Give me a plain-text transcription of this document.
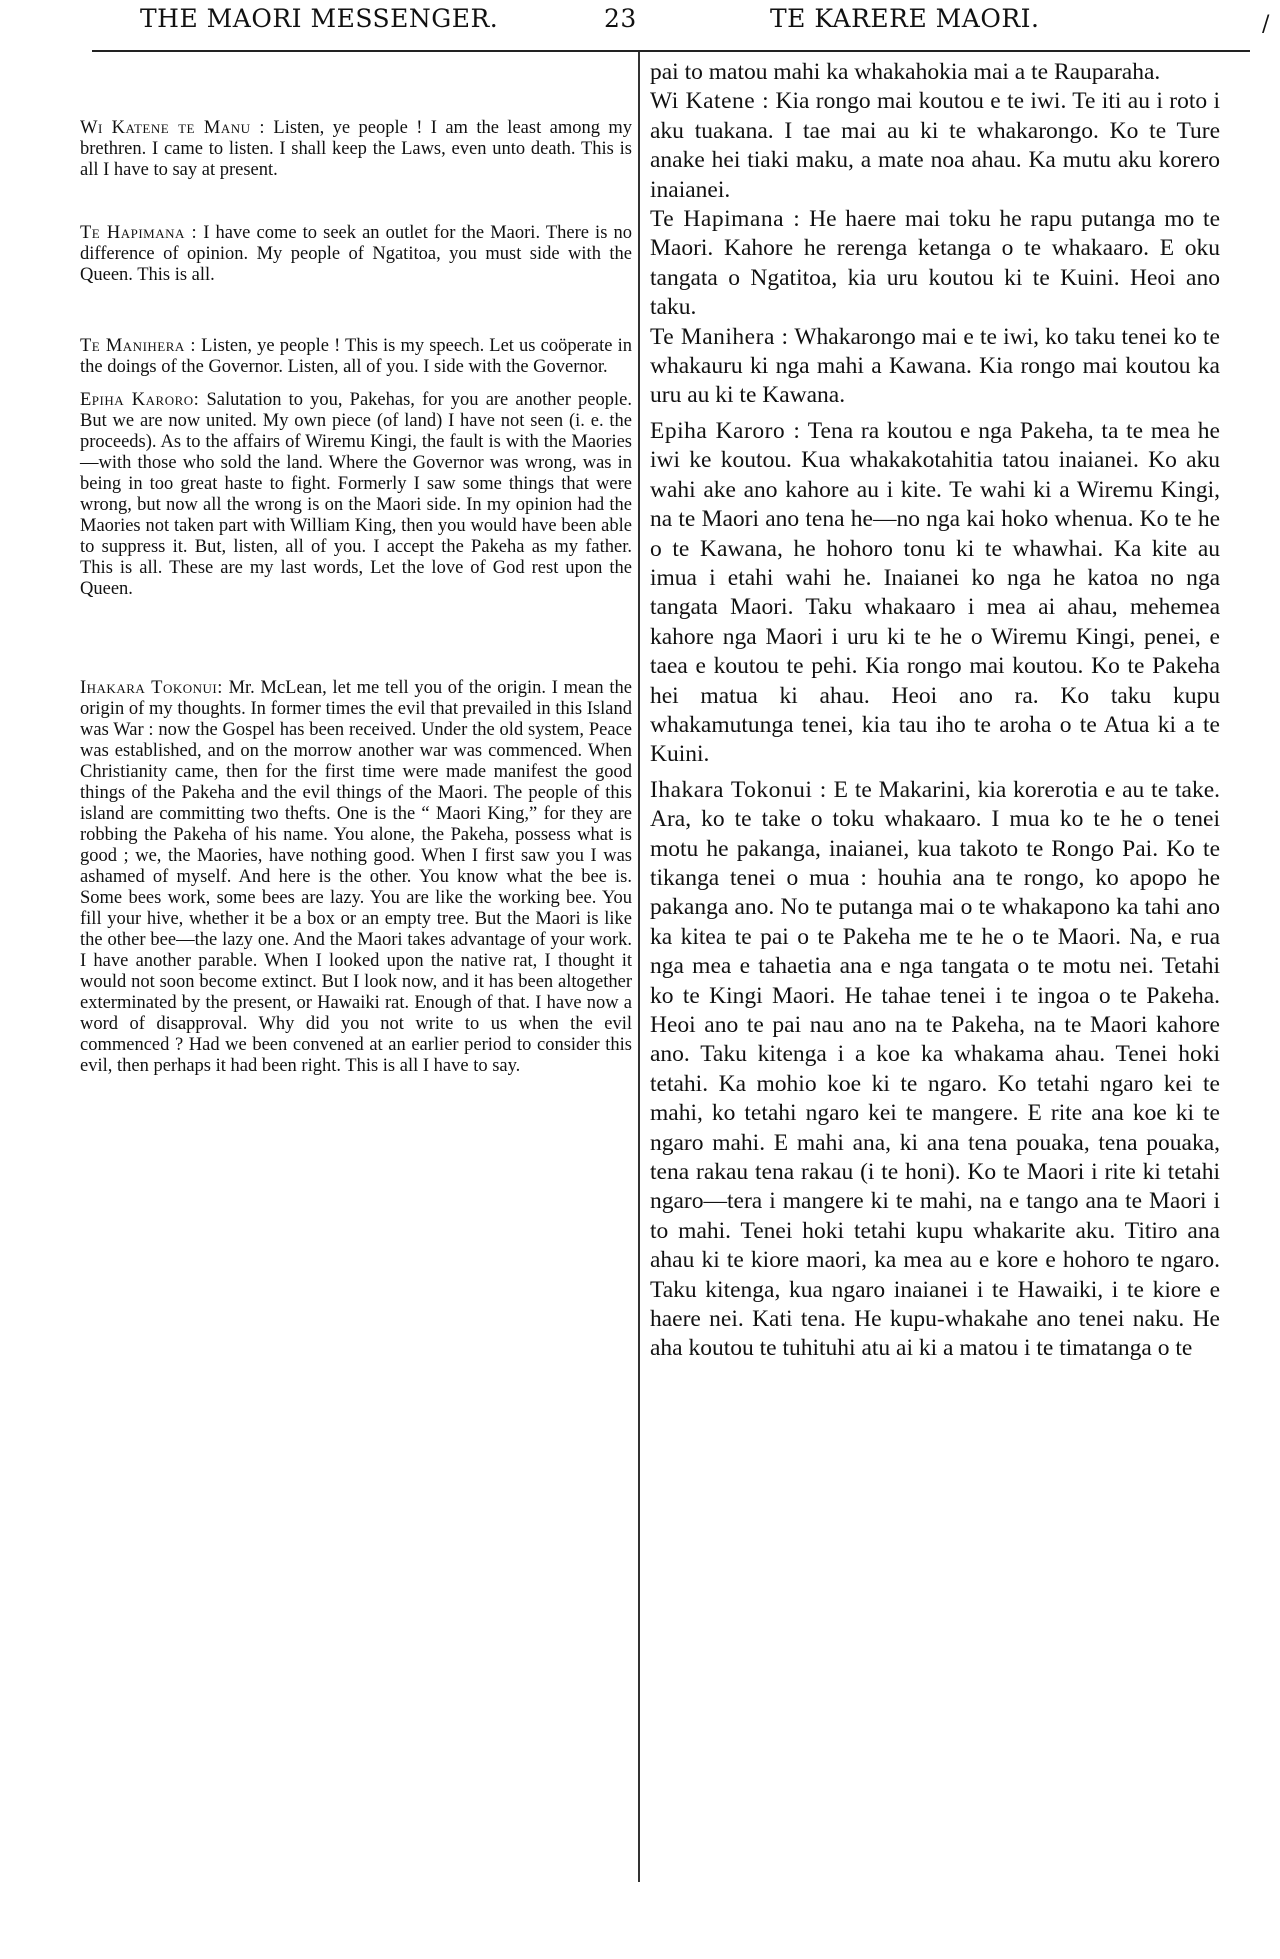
THE MAORI MESSENGER.	23	TE KARERE MAORI.	/

Wi Katene te Manu : Listen, ye people ! I am the least among my brethren. I came to listen. I shall keep the Laws, even unto death. This is all I have to say at present.

Te Hapimana : I have come to seek an outlet for the Maori. There is no difference of opinion. My people of Ngatitoa, you must side with the Queen. This is all.

Te Manihera : Listen, ye people ! This is my speech. Let us coöperate in the doings of the Governor. Listen, all of you. I side with the Governor.

Epiha Karoro: Salutation to you, Pakehas, for you are another people. But we are now united. My own piece (of land) I have not seen (i. e. the proceeds). As to the affairs of Wiremu Kingi, the fault is with the Maories—with those who sold the land. Where the Governor was wrong, was in being in too great haste to fight. Formerly I saw some things that were wrong, but now all the wrong is on the Maori side. In my opinion had the Maories not taken part with William King, then you would have been able to suppress it. But, listen, all of you. I accept the Pakeha as my father. This is all. These are my last words, Let the love of God rest upon the Queen.

Ihakara Tokonui: Mr. McLean, let me tell you of the origin. I mean the origin of my thoughts. In former times the evil that prevailed in this Island was War : now the Gospel has been received. Under the old system, Peace was established, and on the morrow another war was commenced. When Christianity came, then for the first time were made manifest the good things of the Pakeha and the evil things of the Maori. The people of this island are committing two thefts. One is the “ Maori King,” for they are robbing the Pakeha of his name. You alone, the Pakeha, possess what is good ; we, the Maories, have nothing good. When I first saw you I was ashamed of myself. And here is the other. You know what the bee is. Some bees work, some bees are lazy. You are like the working bee. You fill your hive, whether it be a box or an empty tree. But the Maori is like the other bee—the lazy one. And the Maori takes advantage of your work. I have another parable. When I looked upon the native rat, I thought it would not soon become extinct. But I look now, and it has been altogether exterminated by the present, or Hawaiki rat. Enough of that. I have now a word of disapproval. Why did you not write to us when the evil commenced ? Had we been convened at an earlier period to consider this evil, then perhaps it had been right. This is all I have to say.

pai to matou mahi ka whakahokia mai a te Rauparaha.

Wi Katene : Kia rongo mai koutou e te iwi. Te iti au i roto i aku tuakana. I tae mai au ki te whakarongo. Ko te Ture anake hei tiaki maku, a mate noa ahau. Ka mutu aku korero inaianei.

Te Hapimana : He haere mai toku he rapu putanga mo te Maori. Kahore he rerenga ketanga o te whakaaro. E oku tangata o Ngatitoa, kia uru koutou ki te Kuini. Heoi ano taku.

Te Manihera : Whakarongo mai e te iwi, ko taku tenei ko te whakauru ki nga mahi a Kawana. Kia rongo mai koutou ka uru au ki te Kawana.

Epiha Karoro : Tena ra koutou e nga Pakeha, ta te mea he iwi ke koutou. Kua whakakotahitia tatou inaianei. Ko aku wahi ake ano kahore au i kite. Te wahi ki a Wiremu Kingi, na te Maori ano tena he—no nga kai hoko whenua. Ko te he o te Kawana, he hohoro tonu ki te whawhai. Ka kite au imua i etahi wahi he. Inaianei ko nga he katoa no nga tangata Maori. Taku whakaaro i mea ai ahau, mehemea kahore nga Maori i uru ki te he o Wiremu Kingi, penei, e taea e koutou te pehi. Kia rongo mai koutou. Ko te Pakeha hei matua ki ahau. Heoi ano ra. Ko taku kupu whakamutunga tenei, kia tau iho te aroha o te Atua ki a te Kuini.

Ihakara Tokonui : E te Makarini, kia korerotia e au te take. Ara, ko te take o toku whakaaro. I mua ko te he o tenei motu he pakanga, inaianei, kua takoto te Rongo Pai. Ko te tikanga tenei o mua : houhia ana te rongo, ko apopo he pakanga ano. No te putanga mai o te whakapono ka tahi ano ka kitea te pai o te Pakeha me te he o te Maori. Na, e rua nga mea e tahaetia ana e nga tangata o te motu nei. Tetahi ko te Kingi Maori. He tahae tenei i te ingoa o te Pakeha. Heoi ano te pai nau ano na te Pakeha, na te Maori kahore ano. Taku kitenga i a koe ka whakama ahau. Tenei hoki tetahi. Ka mohio koe ki te ngaro. Ko tetahi ngaro kei te mahi, ko tetahi ngaro kei te mangere. E rite ana koe ki te ngaro mahi. E mahi ana, ki ana tena pouaka, tena pouaka, tena rakau tena rakau (i te honi). Ko te Maori i rite ki tetahi ngaro—tera i mangere ki te mahi, na e tango ana te Maori i to mahi. Tenei hoki tetahi kupu whakarite aku. Titiro ana ahau ki te kiore maori, ka mea au e kore e hohoro te ngaro. Taku kitenga, kua ngaro inaianei i te Hawaiki, i te kiore e haere nei. Kati tena. He kupu-whakahe ano tenei naku. He aha koutou te tuhituhi atu ai ki a matou i te timatanga o te
